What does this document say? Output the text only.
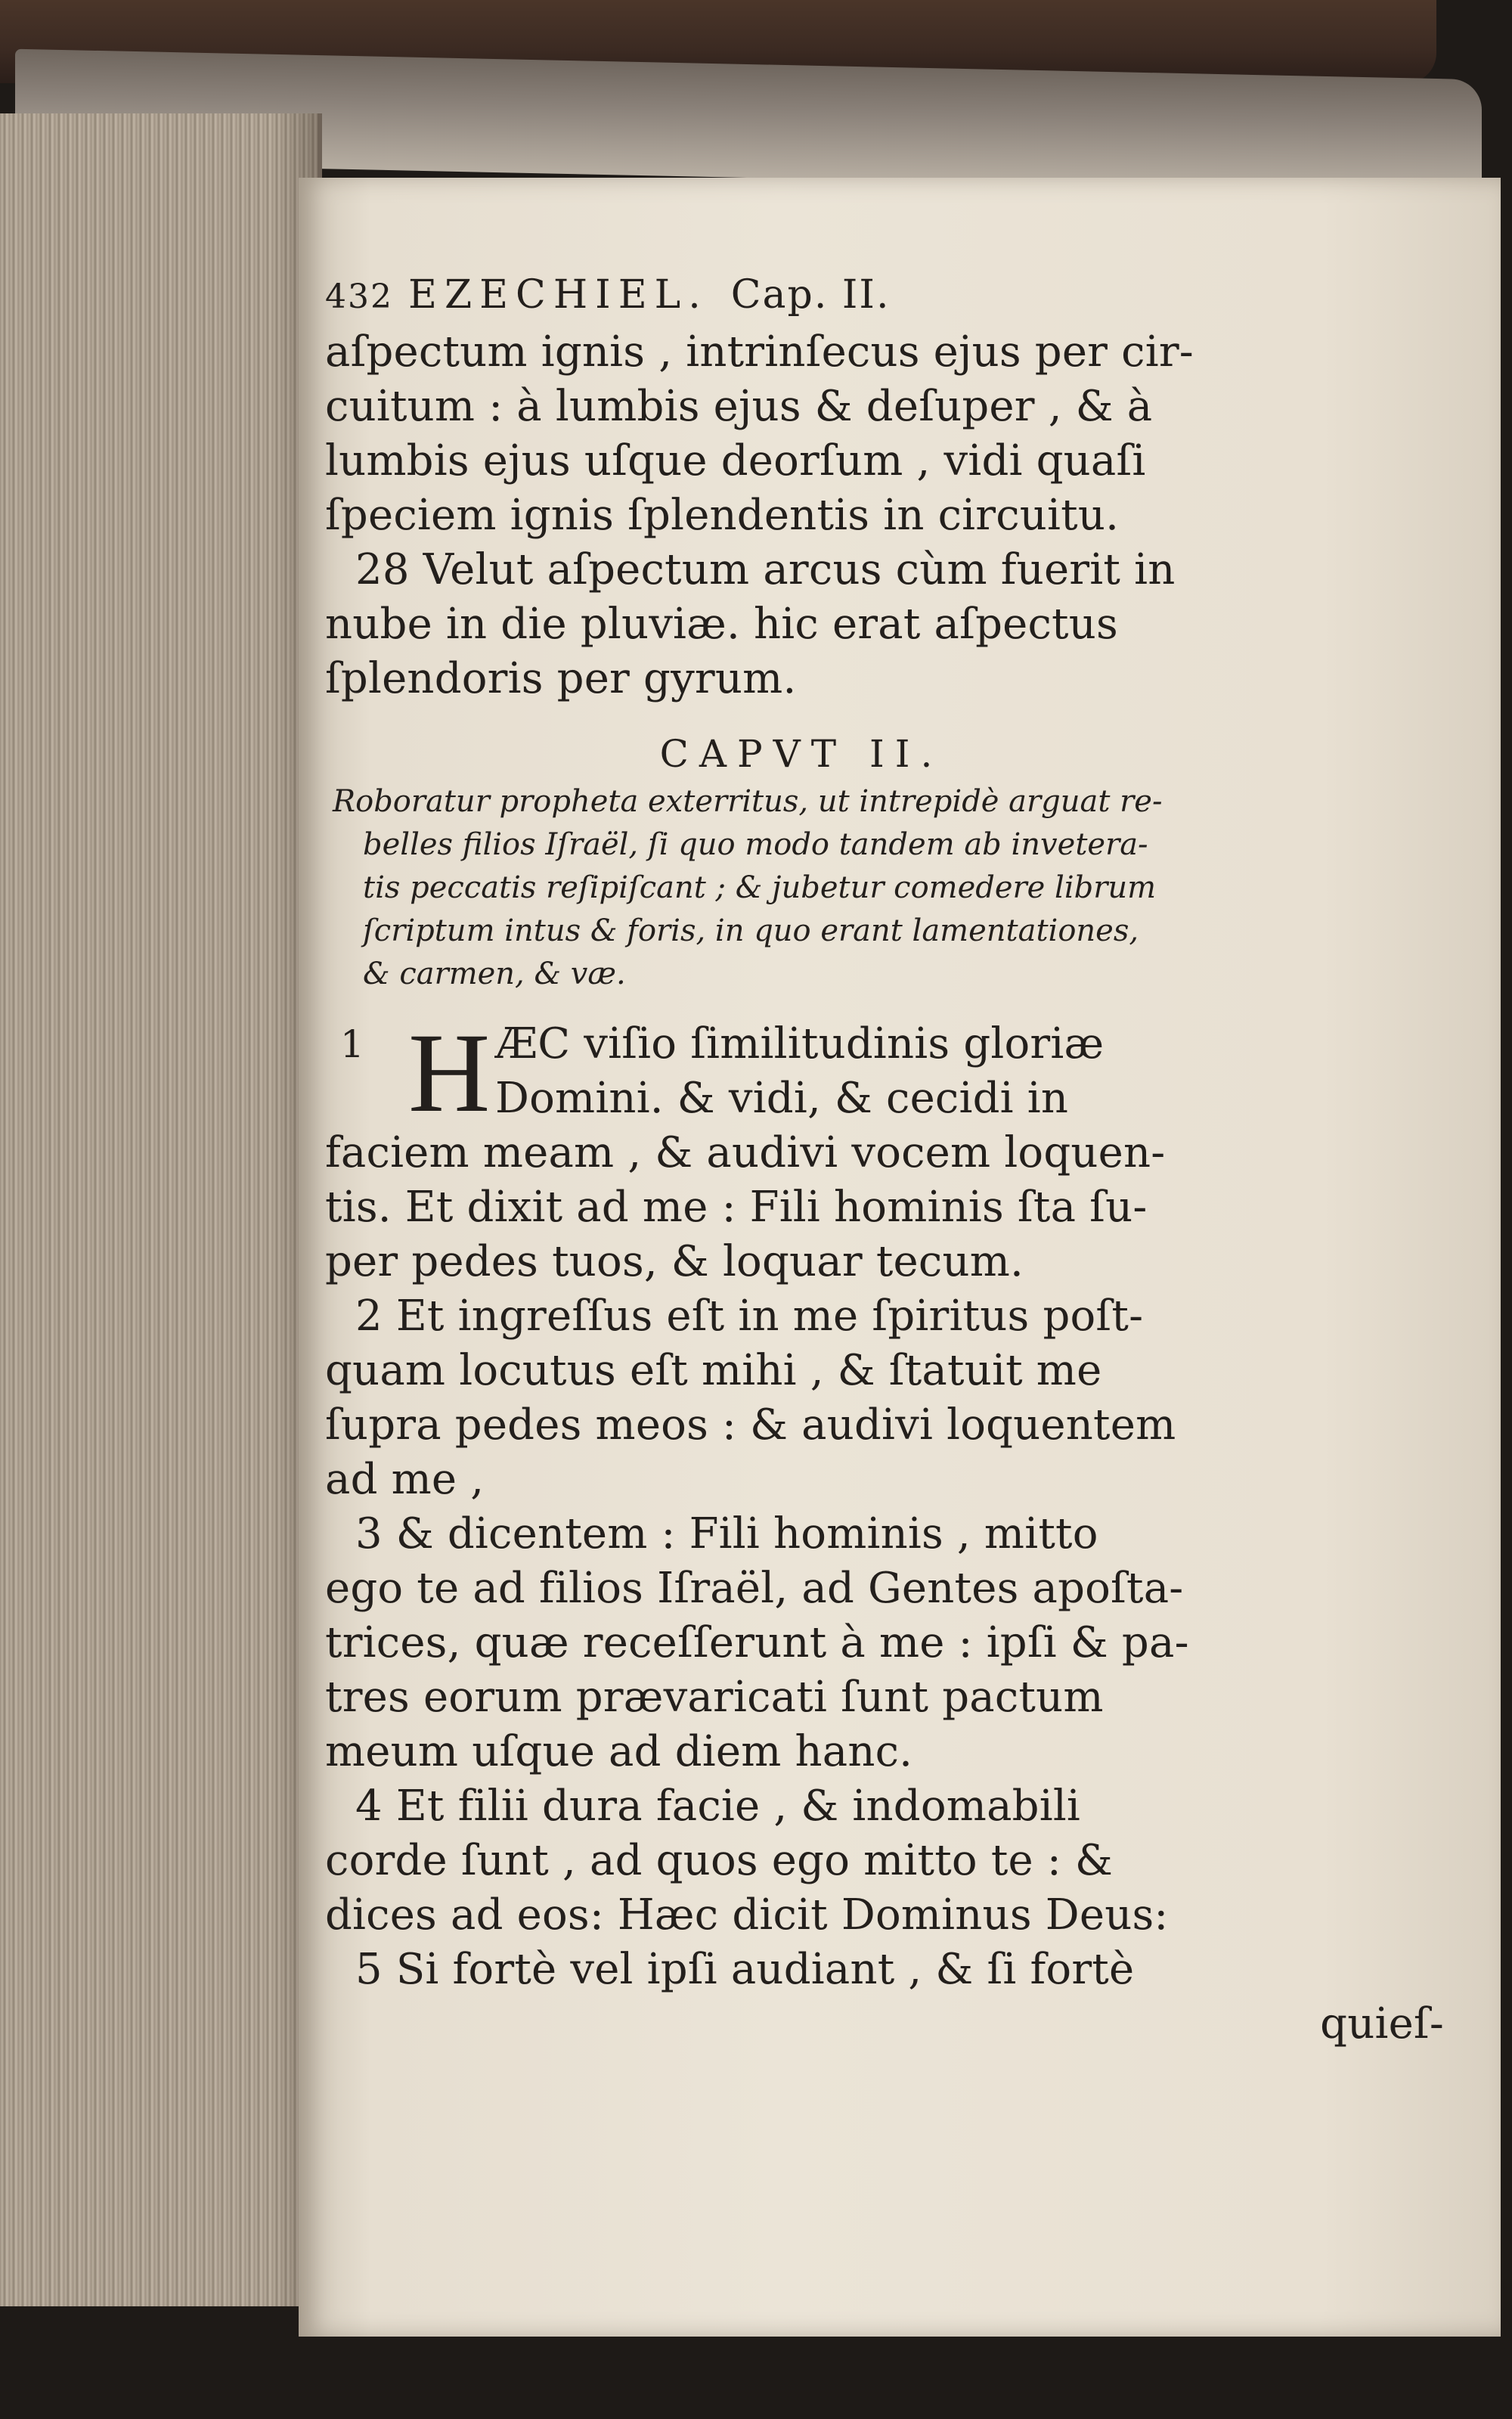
432 EZECHIEL. Cap. II.
aſpectum ignis , intrinſecus ejus per cir-
cuitum : à lumbis ejus & deſuper , & à
lumbis ejus uſque deorſum , vidi quaſi
ſpeciem ignis ſplendentis in circuitu.
28 Velut aſpectum arcus cùm fuerit in
nube in die pluviæ. hic erat aſpectus
ſplendoris per gyrum.
CAPVT II.
Roboratur propheta exterritus, ut intrepidè arguat re-
belles filios Iſraël, ſi quo modo tandem ab invetera-
tis peccatis reſipiſcant ; & jubetur comedere librum
ſcriptum intus & foris, in quo erant lamentationes,
& carmen, & væ.
1 H ÆC viſio ſimilitudinis gloriæ
Domini. & vidi, & cecidi in
faciem meam , & audivi vocem loquen-
tis. Et dixit ad me : Fili hominis ſta ſu-
per pedes tuos, & loquar tecum.
2 Et ingreſſus eſt in me ſpiritus poſt-
quam locutus eſt mihi , & ſtatuit me
ſupra pedes meos : & audivi loquentem
ad me ,
3 & dicentem : Fili hominis , mitto
ego te ad filios Iſraël, ad Gentes apoſta-
trices, quæ receſſerunt à me : ipſi & pa-
tres eorum prævaricati ſunt pactum
meum uſque ad diem hanc.
4 Et filii dura facie , & indomabili
corde ſunt , ad quos ego mitto te : &
dices ad eos: Hæc dicit Dominus Deus:
5 Si fortè vel ipſi audiant , & ſi fortè
quieſ-
